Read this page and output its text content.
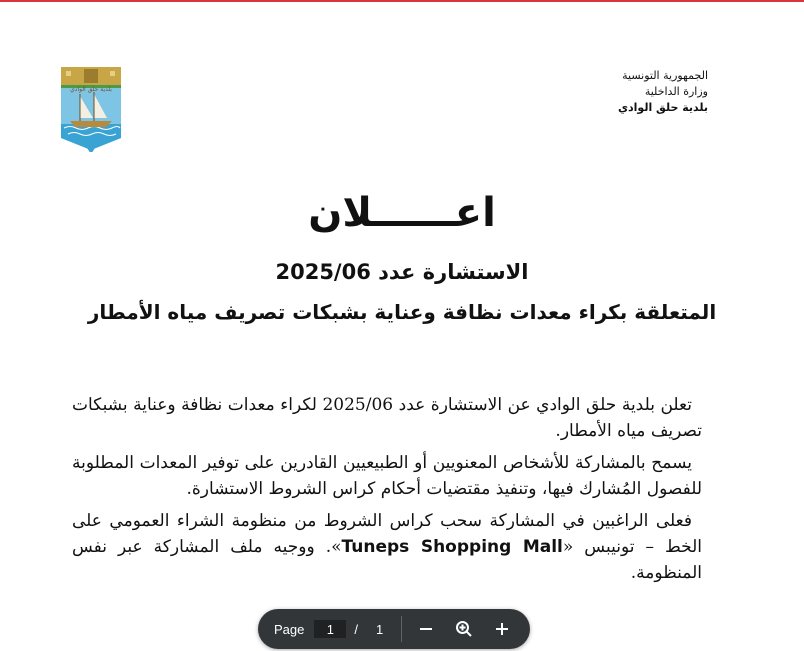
الجمهورية التونسية
وزارة الداخلية
بلدية حلق الوادي
بلدية حلق الوادي
اعــــــلان
الاستشارة عدد 2025/06
المتعلقة بكراء معدات نظافة وعناية بشبكات تصريف مياه الأمطار

تعلن بلدية حلق الوادي عن الاستشارة عدد 2025/06 لكراء معدات نظافة وعناية بشبكات تصريف مياه الأمطار.

يسمح بالمشاركة للأشخاص المعنويين أو الطبيعيين القادرين على توفير المعدات المطلوبة للفصول المُشارك فيها، وتنفيذ مقتضيات أحكام كراس الشروط الاستشارة.

فعلى الراغبين في المشاركة سحب كراس الشروط من منظومة الشراء العمومي على الخط – تونيبس «Tuneps Shopping Mall». ووجيه ملف المشاركة عبر نفس المنظومة.

Page
1	/ 1
